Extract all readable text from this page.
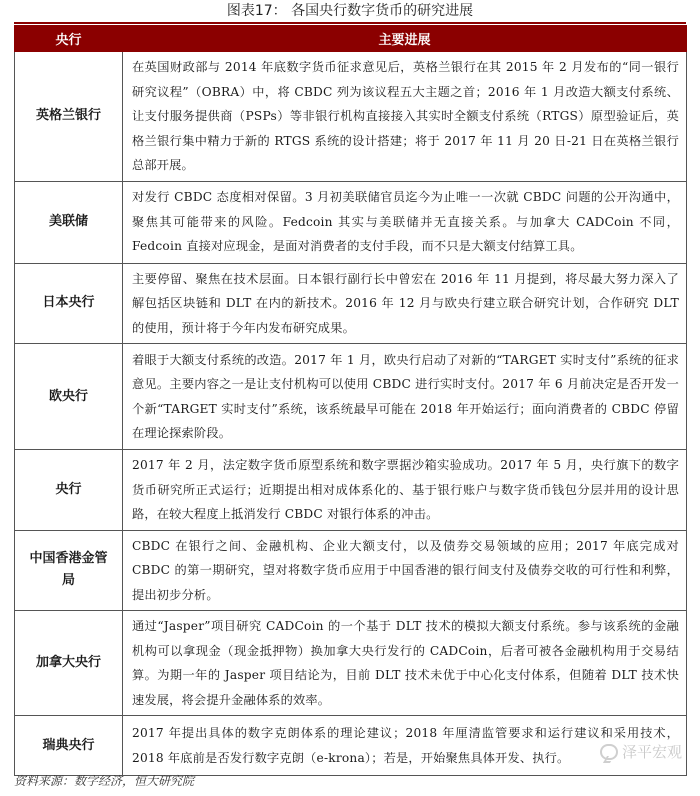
图表17： 各国央行数字货币的研究进展
央行	主要进展
英格兰银行	在英国财政部与 2014 年底数字货币征求意见后，英格兰银行在其 2015 年 2 月发布的“同一银行研究议程”（OBRA）中，将 CBDC 列为该议程五大主题之首；2016 年 1 月改造大额支付系统、让支付服务提供商（PSPs）等非银行机构直接接入其实时全额支付系统（RTGS）原型验证后，英格兰银行集中精力于新的 RTGS 系统的设计搭建；将于 2017 年 11 月 20 日-21 日在英格兰银行总部开展。
美联储	对发行 CBDC 态度相对保留。3 月初美联储官员迄今为止唯一一次就 CBDC 问题的公开沟通中，聚焦其可能带来的风险。Fedcoin 其实与美联储并无直接关系。与加拿大 CADCoin 不同，Fedcoin 直接对应现金，是面对消费者的支付手段，而不只是大额支付结算工具。
日本央行	主要停留、聚焦在技术层面。日本银行副行长中曾宏在 2016 年 11 月提到，将尽最大努力深入了解包括区块链和 DLT 在内的新技术。2016 年 12 月与欧央行建立联合研究计划，合作研究 DLT 的使用，预计将于今年内发布研究成果。
欧央行	着眼于大额支付系统的改造。2017 年 1 月，欧央行启动了对新的“TARGET 实时支付”系统的征求意见。主要内容之一是让支付机构可以使用 CBDC 进行实时支付。2017 年 6 月前决定是否开发一个新“TARGET 实时支付”系统，该系统最早可能在 2018 年开始运行；面向消费者的 CBDC 停留在理论探索阶段。
央行	2017 年 2 月，法定数字货币原型系统和数字票据沙箱实验成功。2017 年 5 月，央行旗下的数字货币研究所正式运行；近期提出相对成体系化的、基于银行账户与数字货币钱包分层并用的设计思路，在较大程度上抵消发行 CBDC 对银行体系的冲击。
中国香港金管局	CBDC 在银行之间、金融机构、企业大额支付，以及债券交易领域的应用；2017 年底完成对 CBDC 的第一期研究，望对将数字货币应用于中国香港的银行间支付及债券交收的可行性和利弊，提出初步分析。
加拿大央行	通过“Jasper”项目研究 CADCoin 的一个基于 DLT 技术的模拟大额支付系统。参与该系统的金融机构可以拿现金（现金抵押物）换加拿大央行发行的 CADCoin，后者可被各金融机构用于交易结算。为期一年的 Jasper 项目结论为，目前 DLT 技术未优于中心化支付体系，但随着 DLT 技术快速发展，将会提升金融体系的效率。
瑞典央行	2017 年提出具体的数字克朗体系的理论建议；2018 年厘清监管要求和运行建议和采用技术，2018 年底前是否发行数字克朗（e-krona）；若是，开始聚焦具体开发、执行。	泽平宏观
资料来源：数字经济，恒大研究院
